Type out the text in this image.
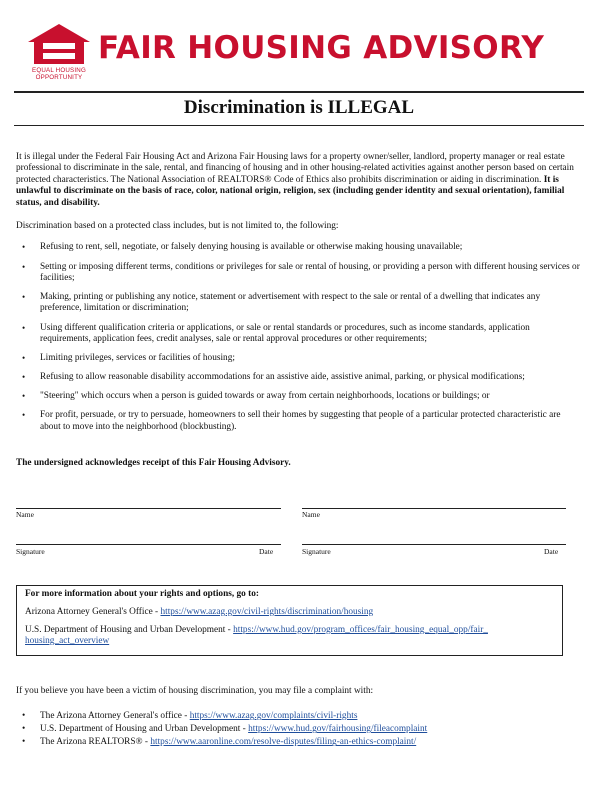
EQUAL HOUSING
OPPORTUNITY
FAIR HOUSING ADVISORY
Discrimination is ILLEGAL

It is illegal under the Federal Fair Housing Act and Arizona Fair Housing laws for a property owner/seller, landlord, property manager or real estate professional to discriminate in the sale, rental, and financing of housing and in other housing-related activities against another person based on certain protected characteristics. The National Association of REALTORS® Code of Ethics also prohibits discrimination or aiding in discrimination. It is unlawful to discriminate on the basis of race, color, national origin, religion, sex (including gender identity and sexual orientation), familial status, and disability.

Discrimination based on a protected class includes, but is not limited to, the following:

• Refusing to rent, sell, negotiate, or falsely denying housing is available or otherwise making housing unavailable;
• Setting or imposing different terms, conditions or privileges for sale or rental of housing, or providing a person with different housing services or facilities;
• Making, printing or publishing any notice, statement or advertisement with respect to the sale or rental of a dwelling that indicates any preference, limitation or discrimination;
• Using different qualification criteria or applications, or sale or rental standards or procedures, such as income standards, application requirements, application fees, credit analyses, sale or rental approval procedures or other requirements;
• Limiting privileges, services or facilities of housing;
• Refusing to allow reasonable disability accommodations for an assistive aide, assistive animal, parking, or physical modifications;
• "Steering" which occurs when a person is guided towards or away from certain neighborhoods, locations or buildings; or
• For profit, persuade, or try to persuade, homeowners to sell their homes by suggesting that people of a particular protected characteristic are about to move into the neighborhood (blockbusting).
The undersigned acknowledges receipt of this Fair Housing Advisory.
Name
Signature	Date
Name
Signature	Date

For more information about your rights and options, go to:

Arizona Attorney General's Office - https://www.azag.gov/civil-rights/discrimination/housing

U.S. Department of Housing and Urban Development - https://www.hud.gov/program_offices/fair_housing_equal_opp/fair_
housing_act_overview

If you believe you have been a victim of housing discrimination, you may file a complaint with:
• The Arizona Attorney General's office - https://www.azag.gov/complaints/civil-rights
• U.S. Department of Housing and Urban Development - https://www.hud.gov/fairhousing/fileacomplaint
• The Arizona REALTORS® - https://www.aaronline.com/resolve-disputes/filing-an-ethics-complaint/
